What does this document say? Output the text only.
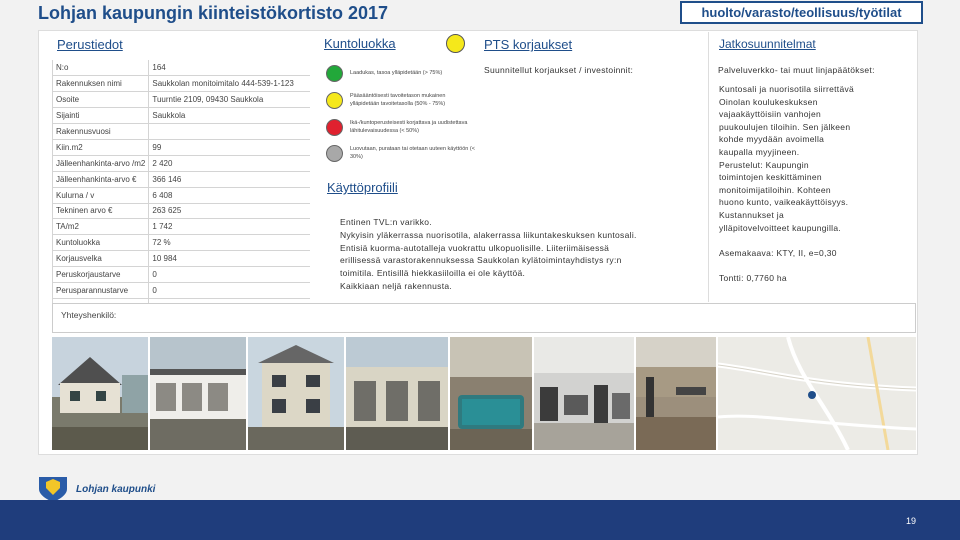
Lohjan kaupungin kiinteistökortisto 2017	huolto/varasto/teollisuus/työtilat
Perustiedot
N:o	164
Rakennuksen nimi	Saukkolan monitoimitalo 444-539-1-123
Osoite	Tuurntie 2109, 09430 Saukkola
Sijainti	Saukkola
Rakennusvuosi	
Kiin.m2	99
Jälleenhankinta-arvo /m2	2 420
Jälleenhankinta-arvo €	366 146
Kulurna / v	6 408
Tekninen arvo €	263 625
TA/m2	1 742
Kuntoluokka	72 %
Korjausvelka	10 984
Peruskorjaustarve	0
Perusparannustarve	0

Kuntoluokka
Laadukas, tasoa ylläpidetään (> 75%)
Pääsääntöisesti tavoitetason mukainen ylläpidetään tavoitetasolla (50% - 75%)
Ikä-/kuntoperusteisesti korjattava ja uudistettava lähitulevaisuudessa (< 50%)
Luovutaan, purataan tai otetaan uuteen käyttöön (< 30%)
Käyttöprofiili
Entinen TVL:n varikko.
Nykyisin yläkerrassa nuorisotila, alakerrassa liikuntakeskuksen kuntosali.
Entisiä kuorma-autotalleja vuokrattu ulkopuolisille. Liiteriimäisessä
erillisessä varastorakennuksessa Saukkolan kylätoimintayhdistys ry:n
toimitila. Entisillä hiekkasiiloilla ei ole käyttöä.
Kaikkiaan neljä rakennusta.
PTS korjaukset
Suunnitellut korjaukset / investoinnit:
Jatkosuunnitelmat
Palveluverkko- tai muut linjapäätökset:
Kuntosali ja nuorisotila siirrettävä
Oinolan koulukeskuksen
vajaakäyttöisiin vanhojen
puukoulujen tiloihin. Sen jälkeen
kohde myydään avoimella
kaupalla myyjineen.
Perustelut: Kaupungin
toimintojen keskittäminen
monitoimijatiloihin. Kohteen
huono kunto, vaikeakäyttöisyys.
Kustannukset ja
ylläpitovelvoitteet kaupungilla.
Asemakaava: KTY, II, e=0,30
Tontti: 0,7760 ha
Yhteyshenkilö:
Lohjan kaupunki
19
